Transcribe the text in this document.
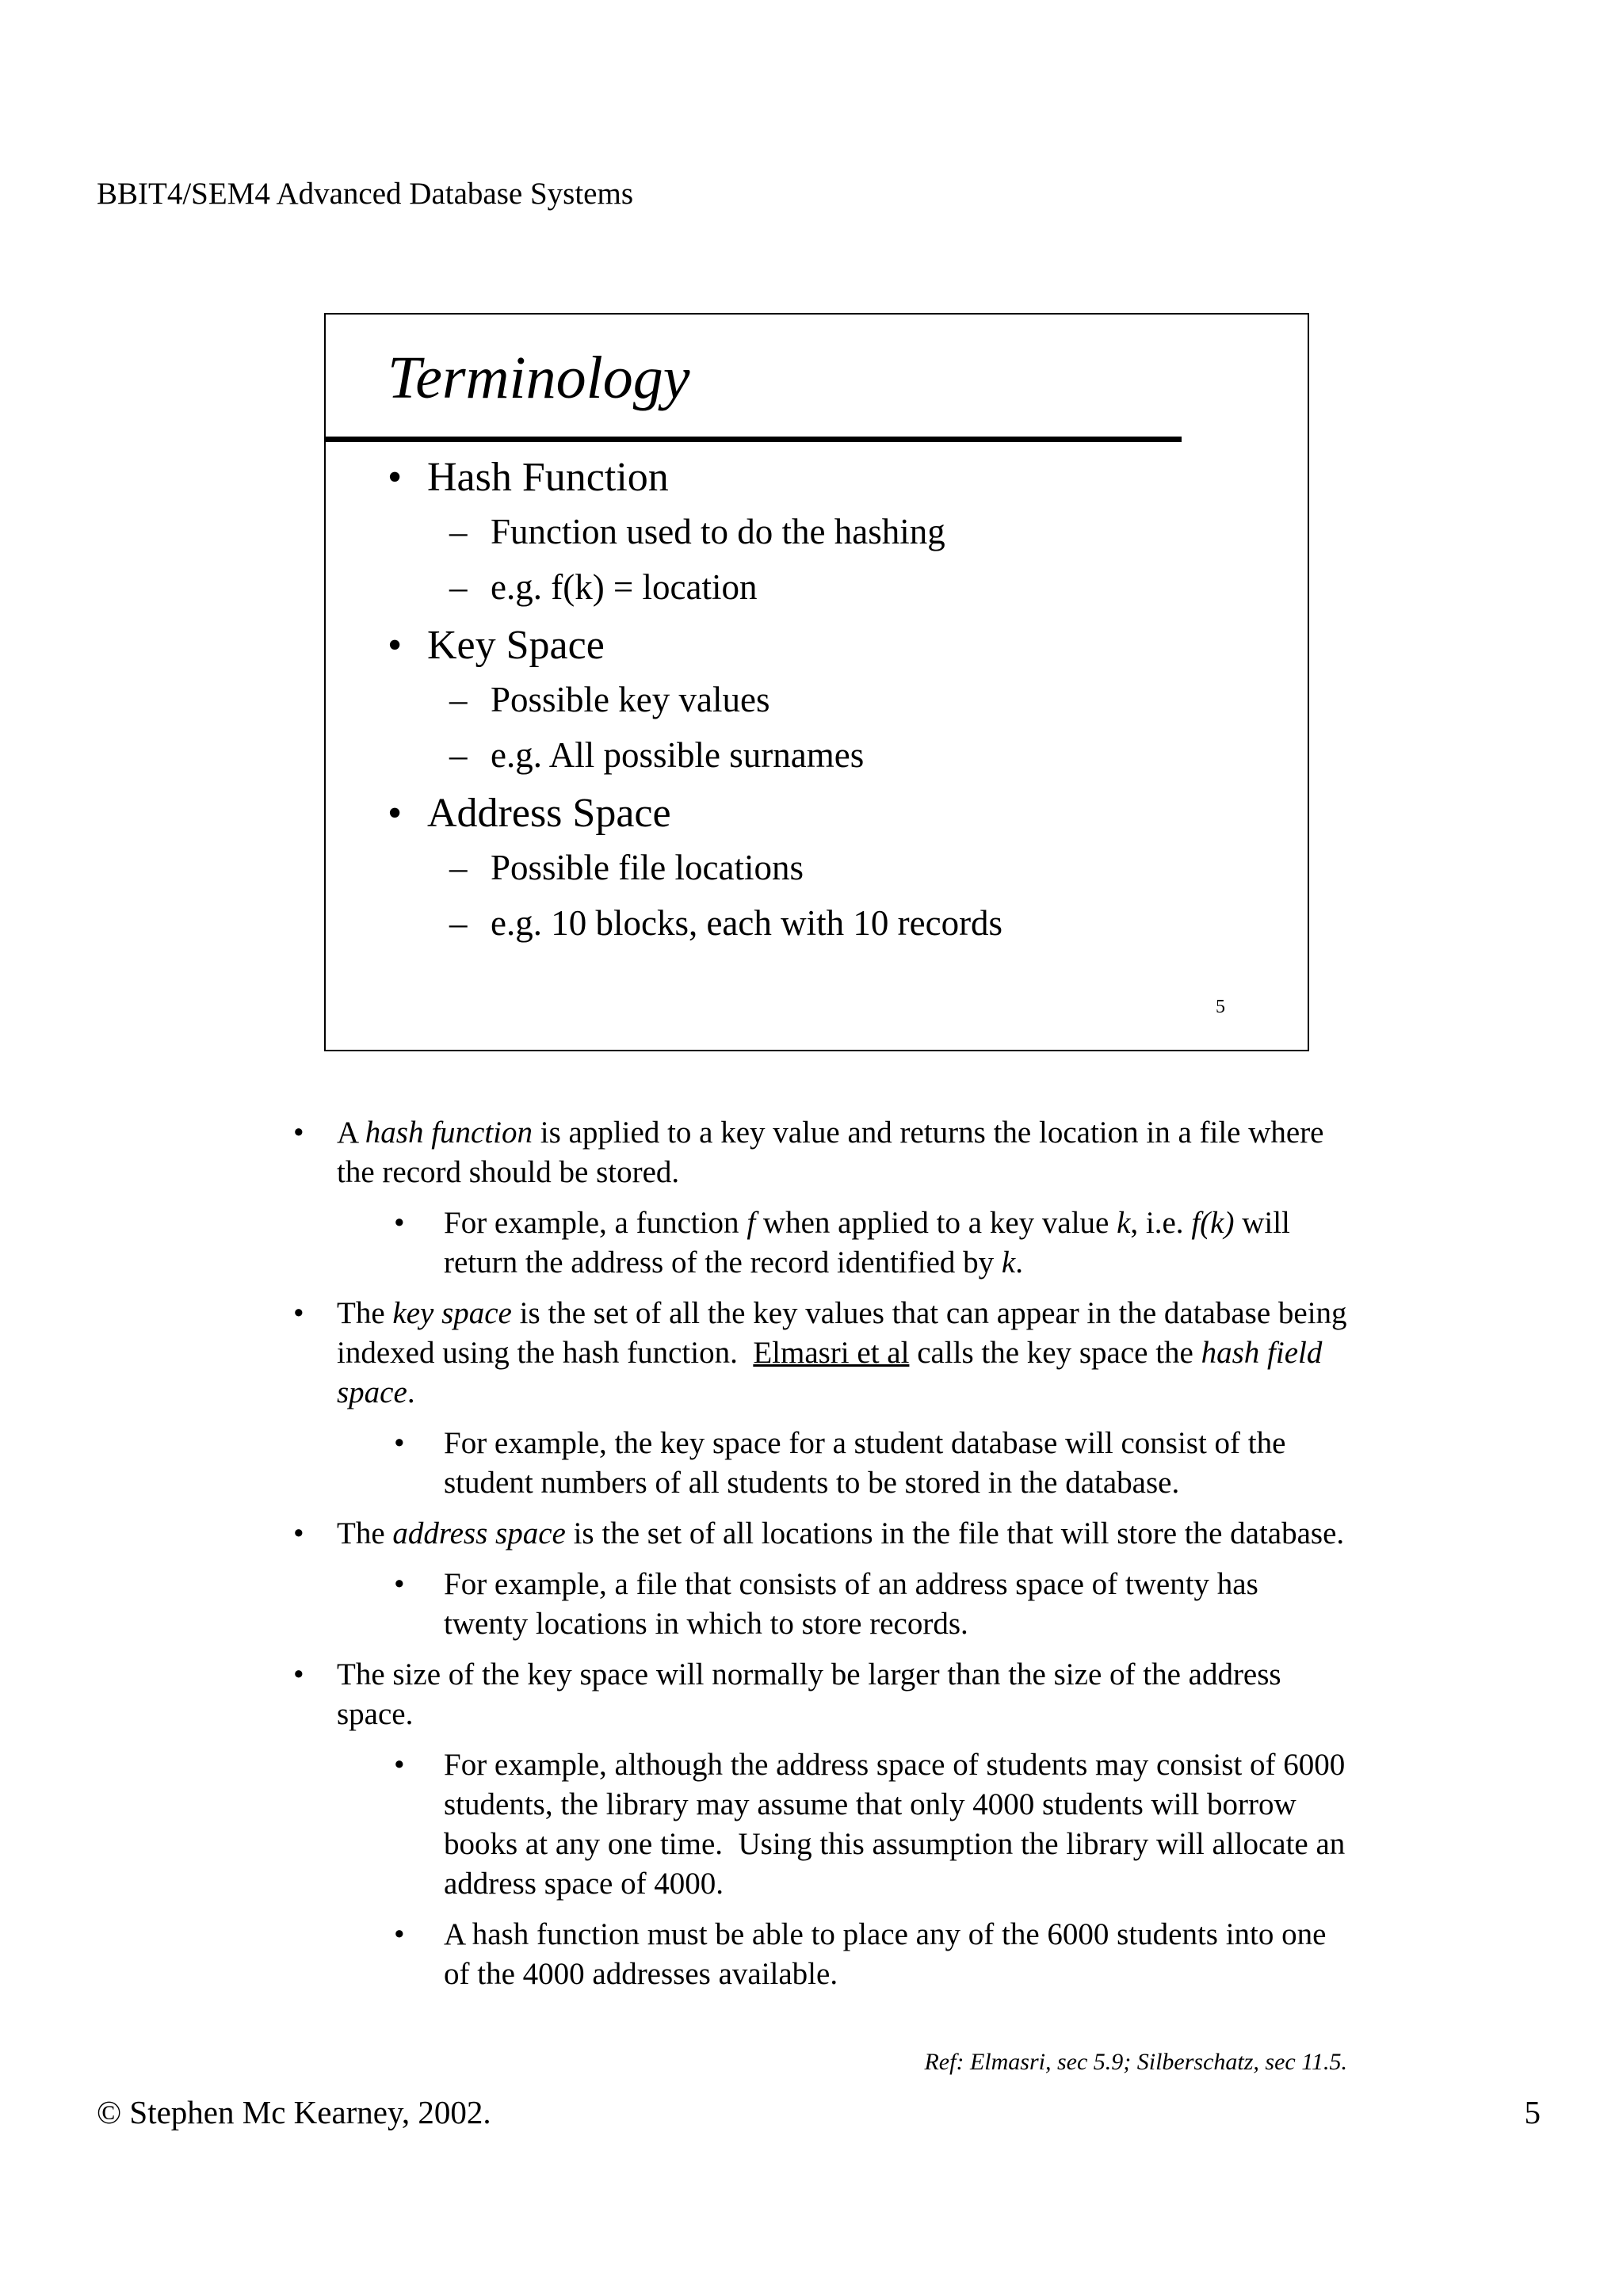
BBIT4/SEM4 Advanced Database Systems
Terminology
• Hash Function
– Function used to do the hashing
– e.g. f(k) = location
• Key Space
– Possible key values
– e.g. All possible surnames
• Address Space
– Possible file locations
– e.g. 10 blocks, each with 10 records
5
• A hash function is applied to a key value and returns the location in a file where the record should be stored.
• For example, a function f when applied to a key value k, i.e. f(k) will return the address of the record identified by k.
• The key space is the set of all the key values that can appear in the database being indexed using the hash function.  Elmasri et al calls the key space the hash field space.
• For example, the key space for a student database will consist of the student numbers of all students to be stored in the database.
• The address space is the set of all locations in the file that will store the database.
• For example, a file that consists of an address space of twenty has twenty locations in which to store records.
• The size of the key space will normally be larger than the size of the address space.
• For example, although the address space of students may consist of 6000 students, the library may assume that only 4000 students will borrow books at any one time.  Using this assumption the library will allocate an address space of 4000.
• A hash function must be able to place any of the 6000 students into one of the 4000 addresses available.
Ref: Elmasri, sec 5.9; Silberschatz, sec 11.5.
© Stephen Mc Kearney, 2002.	5
